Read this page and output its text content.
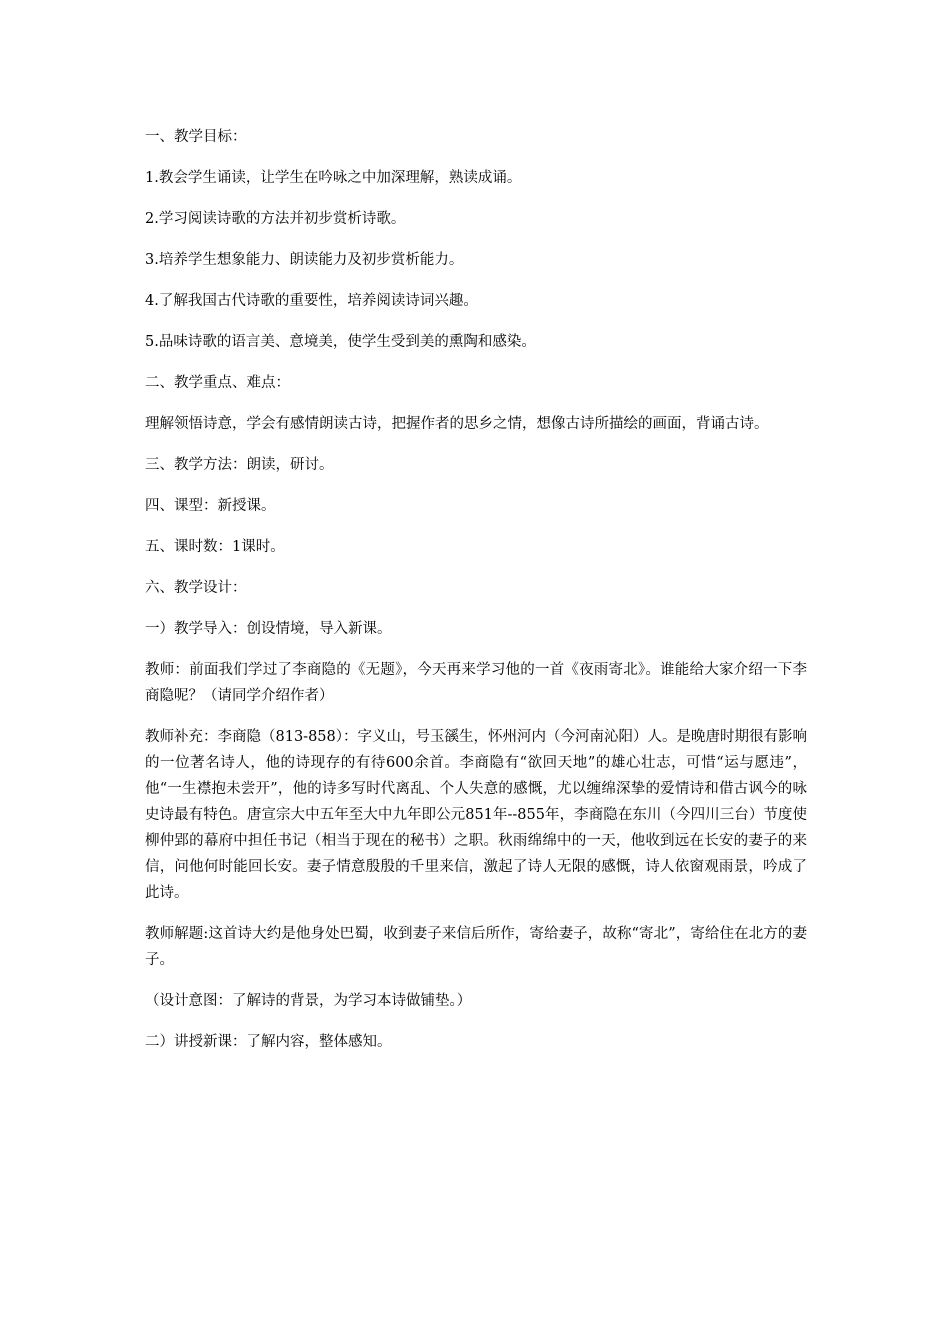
一、教学目标：

1.教会学生诵读，让学生在吟咏之中加深理解，熟读成诵。

2.学习阅读诗歌的方法并初步赏析诗歌。

3.培养学生想象能力、朗读能力及初步赏析能力。

4.了解我国古代诗歌的重要性，培养阅读诗词兴趣。

5.品味诗歌的语言美、意境美，使学生受到美的熏陶和感染。

二、教学重点、难点：

理解领悟诗意，学会有感情朗读古诗，把握作者的思乡之情，想像古诗所描绘的画面，背诵古诗。

三、教学方法：朗读，研讨。

四、课型：新授课。

五、课时数：1课时。

六、教学设计：

一）教学导入：创设情境，导入新课。

教师：前面我们学过了李商隐的《无题》，今天再来学习他的一首《夜雨寄北》。谁能给大家介绍一下李商隐呢？（请同学介绍作者）

教师补充：李商隐（813-858）：字义山，号玉豀生，怀州河内（今河南沁阳）人。是晚唐时期很有影响的一位著名诗人，他的诗现存的有待600余首。李商隐有“欲回天地”的雄心壮志，可惜“运与愿违”，他“一生襟抱未尝开”，他的诗多写时代离乱、个人失意的感慨，尤以缠绵深挚的爱情诗和借古讽今的咏史诗最有特色。唐宣宗大中五年至大中九年即公元851年--855年，李商隐在东川（今四川三台）节度使柳仲郢的幕府中担任书记（相当于现在的秘书）之职。秋雨绵绵中的一天，他收到远在长安的妻子的来信，问他何时能回长安。妻子情意殷殷的千里来信，激起了诗人无限的感慨，诗人依窗观雨景，吟成了此诗。

教师解题:这首诗大约是他身处巴蜀，收到妻子来信后所作，寄给妻子，故称“寄北”，寄给住在北方的妻子。

（设计意图：了解诗的背景，为学习本诗做铺垫。）

二）讲授新课：了解内容，整体感知。
